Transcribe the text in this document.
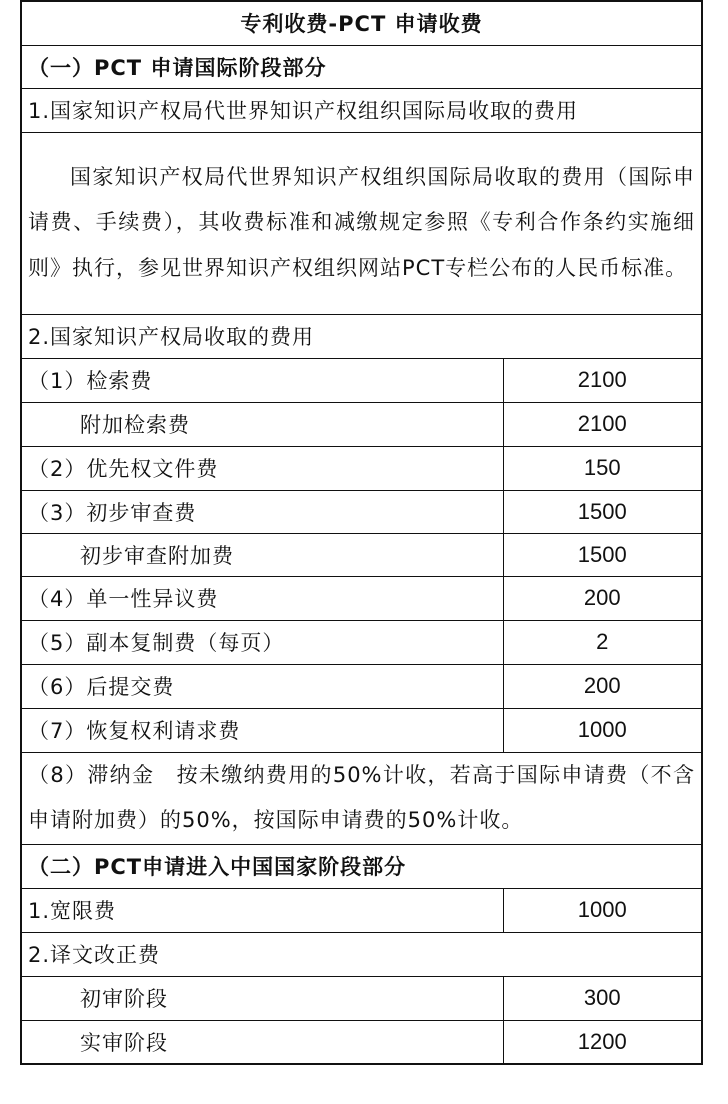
专利收费-PCT 申请收费	
（一）PCT 申请国际阶段部分	
1.国家知识产权局代世界知识产权组织国际局收取的费用	
国家知识产权局代世界知识产权组织国际局收取的费用（国际申请费、手续费），其收费标准和减缴规定参照《专利合作条约实施细则》执行，参见世界知识产权组织网站PCT专栏公布的人民币标准。	
2.国家知识产权局收取的费用	
（1）检索费	2100
附加检索费	2100
（2）优先权文件费	150
（3）初步审查费	1500
初步审查附加费	1500
（4）单一性异议费	200
（5）副本复制费（每页）	2
（6）后提交费	200
（7）恢复权利请求费	1000
（8）滞纳金　按未缴纳费用的50%计收，若高于国际申请费（不含申请附加费）的50%，按国际申请费的50%计收。	
（二）PCT申请进入中国国家阶段部分	
1.宽限费	1000
2.译文改正费	
初审阶段	300
实审阶段	1200
